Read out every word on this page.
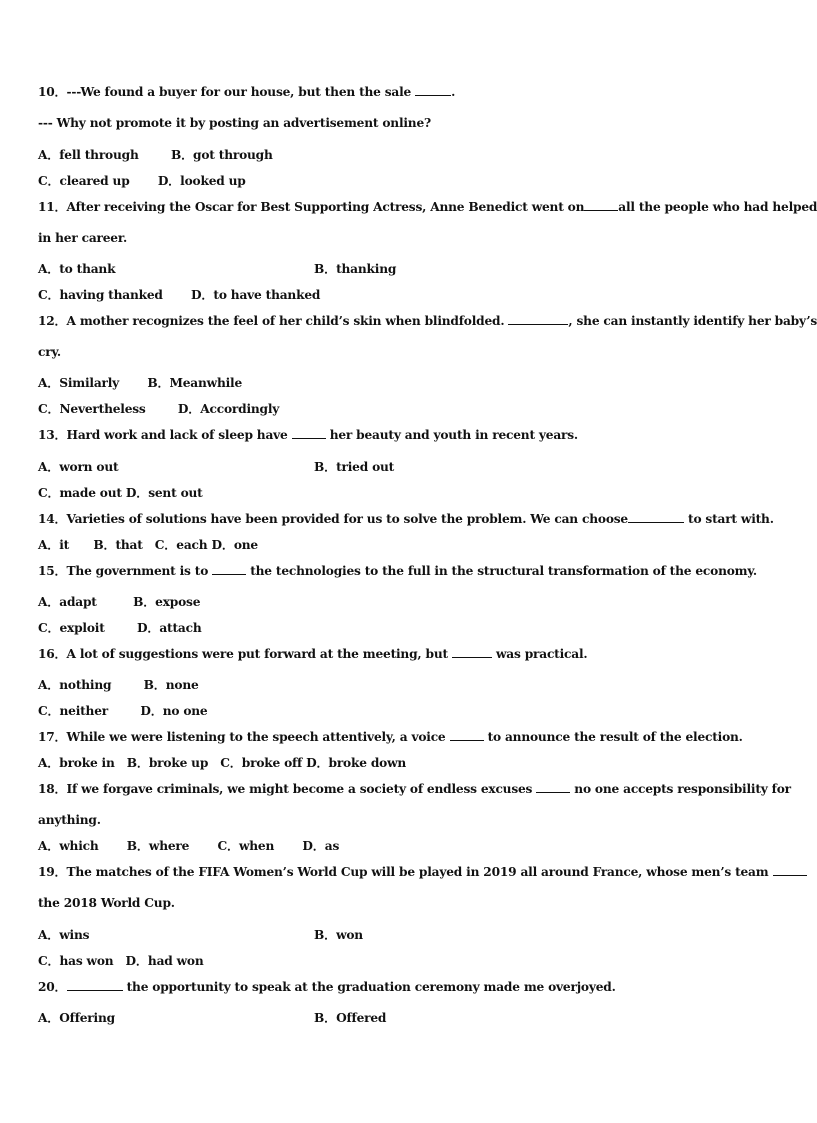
10．---We found a buyer for our house, but then the sale	.
--- Why not promote it by posting an advertisement online?
A．fell through        B．got through
C．cleared up       D．looked up
11．After receiving the Oscar for Best Supporting Actress, Anne Benedict went on	all the people who had helped
in her career.
A．to thank	B．thanking
C．having thanked       D．to have thanked
12．A mother recognizes the feel of her child’s skin when blindfolded.	, she can instantly identify her baby’s
cry.
A．Similarly       B．Meanwhile
C．Nevertheless        D．Accordingly
13．Hard work and lack of sleep have	her beauty and youth in recent years.
A．worn out	B．tried out
C．made out D．sent out
14．Varieties of solutions have been provided for us to solve the problem. We can choose	to start with.
A．it      B．that   C．each D．one
15．The government is to	the technologies to the full in the structural transformation of the economy.
A．adapt         B．expose
C．exploit        D．attach
16．A lot of suggestions were put forward at the meeting, but	was practical.
A．nothing        B．none
C．neither        D．no one
17．While we were listening to the speech attentively, a voice	to announce the result of the election.
A．broke in   B．broke up   C．broke off D．broke down
18．If we forgave criminals, we might become a society of endless excuses	no one accepts responsibility for
anything.
A．which       B．where       C．when       D．as
19．The matches of the FIFA Women’s World Cup will be played in 2019 all around France, whose men’s team
the 2018 World Cup.
A．wins	B．won
C．has won   D．had won
20．	the opportunity to speak at the graduation ceremony made me overjoyed.
A．Offering	B．Offered
